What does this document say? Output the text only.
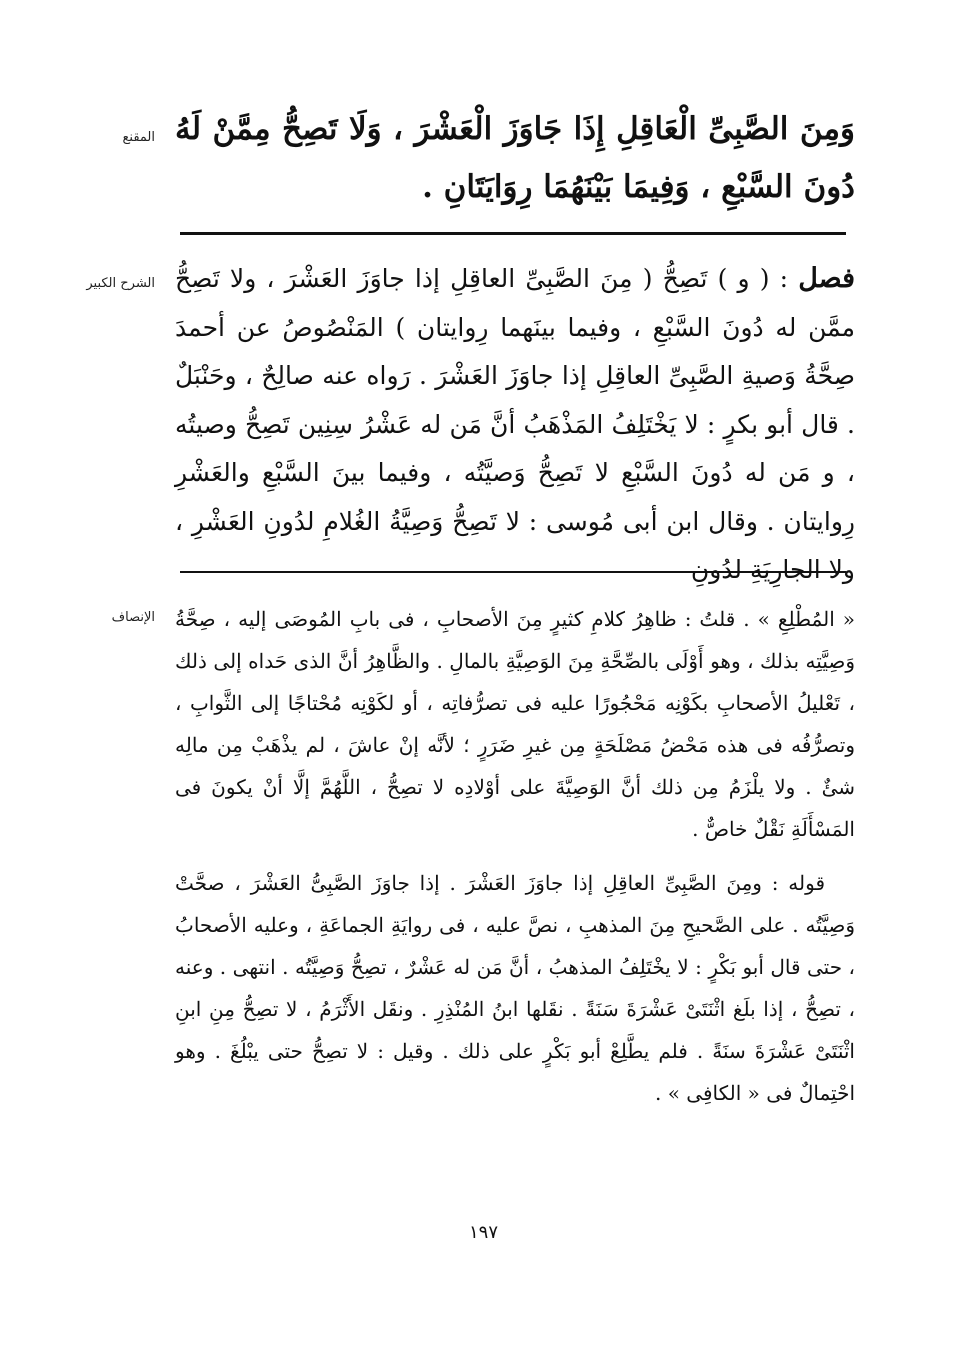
المقنع وَمِنَ الصَّبِىِّ الْعَاقِلِ إِذَا جَاوَزَ الْعَشْرَ ، وَلَا تَصِحُّ مِمَّنْ لَهُ دُونَ السَّبْعِ ، وَفِيمَا بَيْنَهُمَا رِوَايَتَانِ .
الشرح الكبير	فصل : ( و ) تَصِحُّ ( مِنَ الصَّبِىِّ العاقِلِ إذا جاوَزَ العَشْرَ ، ولا تَصِحُّ ممَّن له دُونَ السَّبْعِ ، وفيما بينَهما رِوايتان ) المَنْصُوصُ عن أحمدَ صِحَّةُ وَصيةِ الصَّبِىِّ العاقِلِ إذا جاوَزَ العَشْرَ . رَواه عنه صالِحٌ ، وحَنْبَلٌ . قال أبو بكرٍ : لا يَخْتَلِفُ المَذْهَبُ أنَّ مَن له عَشْرُ سِنِين تَصِحُّ وصيتُه ، و مَن له دُونَ السَّبْعِ لا تَصِحُّ وَصيَّتُه ، وفيما بينَ السَّبْعِ والعَشْرِ رِوايتان . وقال ابن أبى مُوسى : لا تَصِحُّ وَصِيَّةُ الغُلامِ لدُونِ العَشْرِ ، ولا الجارِيَةِ لدُونِ
الإنصاف « المُطْلِعِ » . قلتُ : ظاهِرُ كلامِ كثيرٍ مِنَ الأصحابِ ، فى بابِ المُوصَى إليه ، صِحَّةُ وَصِيَّتِه بذلك ، وهو أَوْلَى بالصِّحَّةِ مِنَ الوَصِيَّةِ بالمالِ . والظَّاهِرُ أنَّ الذى حَداه إلى ذلك ، تَعْليلُ الأصحابِ بكَوْنِه مَحْجُورًا عليه فى تصرُّفاتِه ، أو لكَوْنِه مُحْتاجًا إلى الثَّوابِ ، وتصرُّفُه فى هذه مَحْضُ مَصْلَحَةٍ مِن غيرِ ضَرَرٍ ؛ لأنَّه إنْ عاشَ ، لم يذْهَبْ مِن مالِه شئٌ . ولا يلْزَمُ مِن ذلك أنَّ الوَصِيَّةَ على أوْلادِه لا تصِحُّ ، اللَّهُمَّ إلَّا أنْ يكونَ فى المَسْأَلَةِ نَقْلٌ خاصٌّ .

قوله : ومِنَ الصَّبِىِّ العاقِلِ إذا جاوَزَ العَشْرَ . إذا جاوَزَ الصَّبِىُّ العَشْرَ ، صحَّتْ وَصِيَّتُه . على الصَّحيحِ مِنَ المذهبِ ، نصَّ عليه ، فى روايَةِ الجماعَةِ ، وعليه الأصحابُ ، حتى قال أبو بَكْرٍ : لا يخْتَلِفُ المذهبُ ، أنَّ مَن له عَشْرٌ ، تصِحُّ وَصِيَّتُه . انتهى . وعنه ، تصِحُّ ، إذا بلَغ اثْنَتَىْ عَشْرَةَ سَنَةً . نقَلها ابنُ المُنْذِرِ . ونقَل الأَثْرَمُ ، لا تصِحُّ مِنِ ابنِ اثْنَتَىْ عَشْرَةَ سنَةً . فلم يطَّلِعْ أبو بَكْرٍ على ذلك . وقيل : لا تصِحُّ حتى يبْلُغَ . وهو احْتِمالٌ فى « الكافِى » .

١٩٧
